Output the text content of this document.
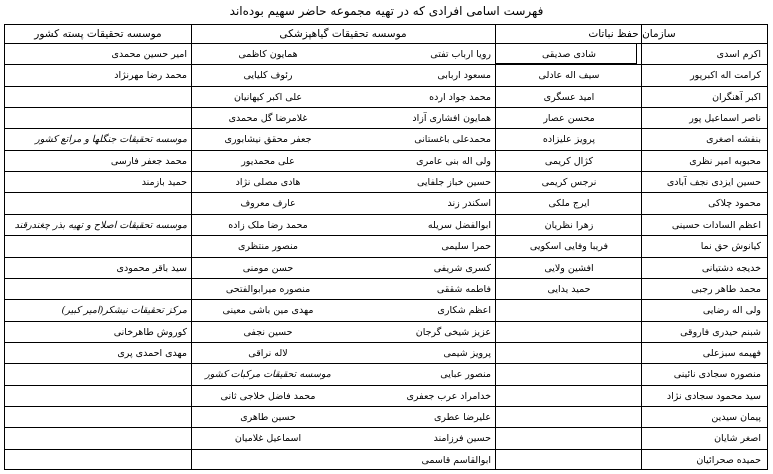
فهرست اسامی افرادی که در تهیه مجموعه حاضر سهیم بوده‌اند
سازمان حفظ نباتات
موسسه تحقیقات گیاهپزشکی
موسسه تحقیقات پسته کشور
اکرم اسدی
شادی صدیقی
رویا ارباب تفتی
همایون کاظمی
امیر حسین محمدی
کرامت اله اکبرپور
سیف اله عادلی
مسعود اربابی
رئوف کلیایی
محمد رضا مهرنژاد
اکبر آهنگران
امید عسگری
محمد جواد ارده
علی اکبر کیهانیان
ناصر اسماعیل پور
محسن عصار
همایون افشاری آزاد
غلامرضا گل محمدی
بنفشه اصغری
پرویز علیزاده
محمدعلی باغستانی
جعفر محقق نیشابوری
موسسه تحقیقات جنگلها و مراتع کشور
محبوبه امیر نظری
کژال کریمی
ولی اله بنی عامری
علی محمدیور
محمد جعفر فارسی
حسین ایزدی نجف آبادی
نرجس کریمی
حسین خباز جلفایی
هادی مصلی نژاد
حمید بازمند
محمود چلاکی
ایرج ملکی
اسکندر زند
عارف معروف
اعظم السادات حسینی
زهرا نظریان
ابوالفضل سریله
محمد رضا ملک زاده
موسسه تحقیقات اصلاح و تهیه بذر چغندرقند
کیانوش حق نما
فریبا وفایی اسکویی
حمرا سلیمی
منصور منتظری
خدیجه دشتیانی
افشین ولایی
کسری شریفی
حسن مومنی
سید باقر محمودی
محمد طاهر رجبی
حمید یدایی
فاطمه شققی
منصوره میرابوالفتحی
ولی اله رضایی
اعظم شکاری
مهدی مین باشی معینی
مرکز تحقیقات نیشکر(امیر کبیر)
شبنم حیدری فاروقی
عزیز شیخی گرجان
حسین نجفی
کوروش طاهرخانی
فهیمه سبزعلی
پرویز شیمی
لاله نراقی
مهدی احمدی پری
منصوره سجادی نائینی
منصور عبایی
موسسه تحقیقات مرکبات کشور
سید محمود سجادی نژاد
خدامراد عرب جعفری
محمد فاضل خلاجی ثانی
پیمان سیدین
علیرضا عطری
حسین طاهری
اصغر شایان
حسین فرزامند
اسماعیل غلامیان
حمیده صحرائیان
ابوالقاسم قاسمی
